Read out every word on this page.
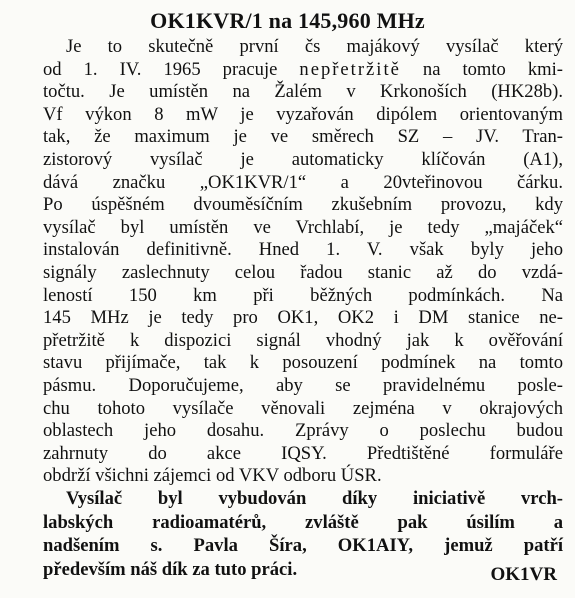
OK1KVR/1 na 145,960 MHz
Je to skutečně první čs majákový vysílač který
od 1. IV. 1965 pracuje nepřetržitě na tomto kmi-
točtu. Je umístěn na Žalém v Krkonoších (HK28b).
Vf výkon 8 mW je vyzařován dipólem orientovaným
tak, že maximum je ve směrech SZ – JV. Tran-
zistorový vysílač je automaticky klíčován (A1),
dává značku „OK1KVR/1“ a 20vteřinovou čárku.
Po úspěšném dvouměsíčním zkušebním provozu, kdy
vysílač byl umístěn ve Vrchlabí, je tedy „majáček“
instalován definitivně. Hned 1. V. však byly jeho
signály zaslechnuty celou řadou stanic až do vzdá-
leností 150 km při běžných podmínkách. Na
145 MHz je tedy pro OK1, OK2 i DM stanice ne-
přetržitě k dispozici signál vhodný jak k ověřování
stavu přijímače, tak k posouzení podmínek na tomto
pásmu. Doporučujeme, aby se pravidelnému posle-
chu tohoto vysílače věnovali zejména v okrajových
oblastech jeho dosahu. Zprávy o poslechu budou
zahrnuty do akce IQSY. Předtištěné formuláře
obdrží všichni zájemci od VKV odboru ÚSR.
Vysílač byl vybudován díky iniciativě vrch-
labských radioamatérů, zvláště pak úsilím a
nadšením s. Pavla Šíra, OK1AIY, jemuž patří
především náš dík za tuto práci.	OK1VR
